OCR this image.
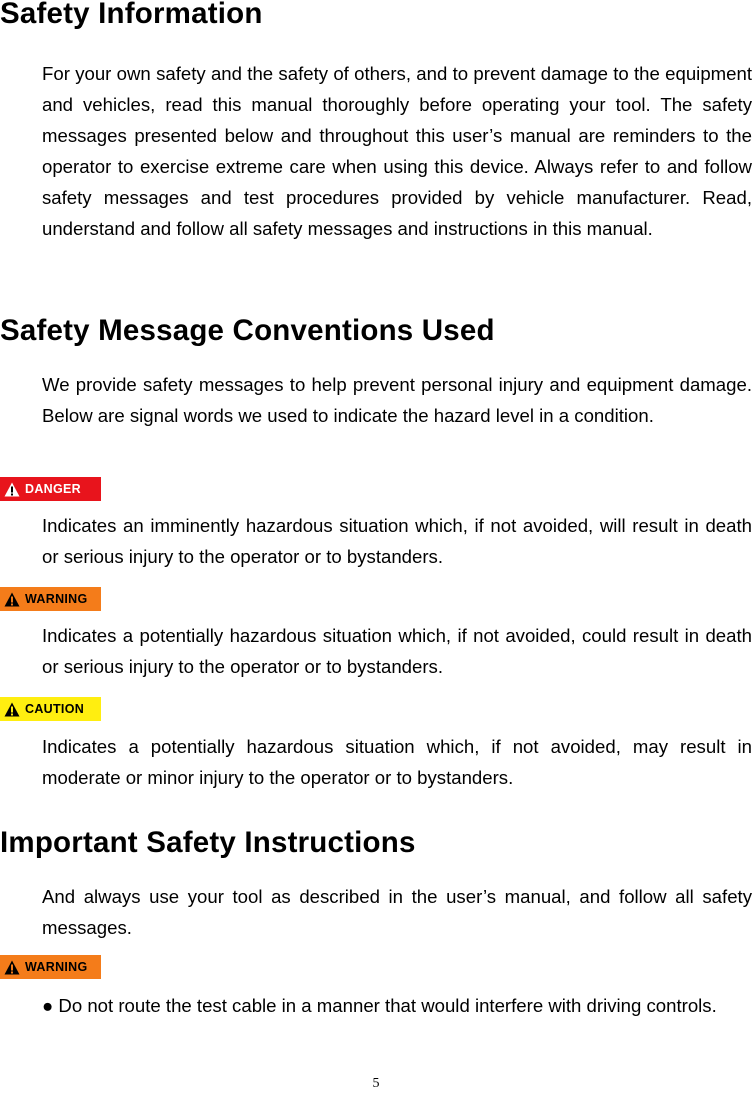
Safety Information

For your own safety and the safety of others, and to prevent damage to the equipment and vehicles, read this manual thoroughly before operating your tool. The safety messages presented below and throughout this user’s manual are reminders to the operator to exercise extreme care when using this device. Always refer to and follow safety messages and test procedures provided by vehicle manufacturer. Read, understand and follow all safety messages and instructions in this manual.

Safety Message Conventions Used

We provide safety messages to help prevent personal injury and equipment damage. Below are signal words we used to indicate the hazard level in a condition.

DANGER

Indicates an imminently hazardous situation which, if not avoided, will result in death or serious injury to the operator or to bystanders.

WARNING

Indicates a potentially hazardous situation which, if not avoided, could result in death or serious injury to the operator or to bystanders.

CAUTION

Indicates a potentially hazardous situation which, if not avoided, may result in moderate or minor injury to the operator or to bystanders.

Important Safety Instructions

And always use your tool as described in the user’s manual, and follow all safety messages.

WARNING

● Do not route the test cable in a manner that would interfere with driving controls.

5
